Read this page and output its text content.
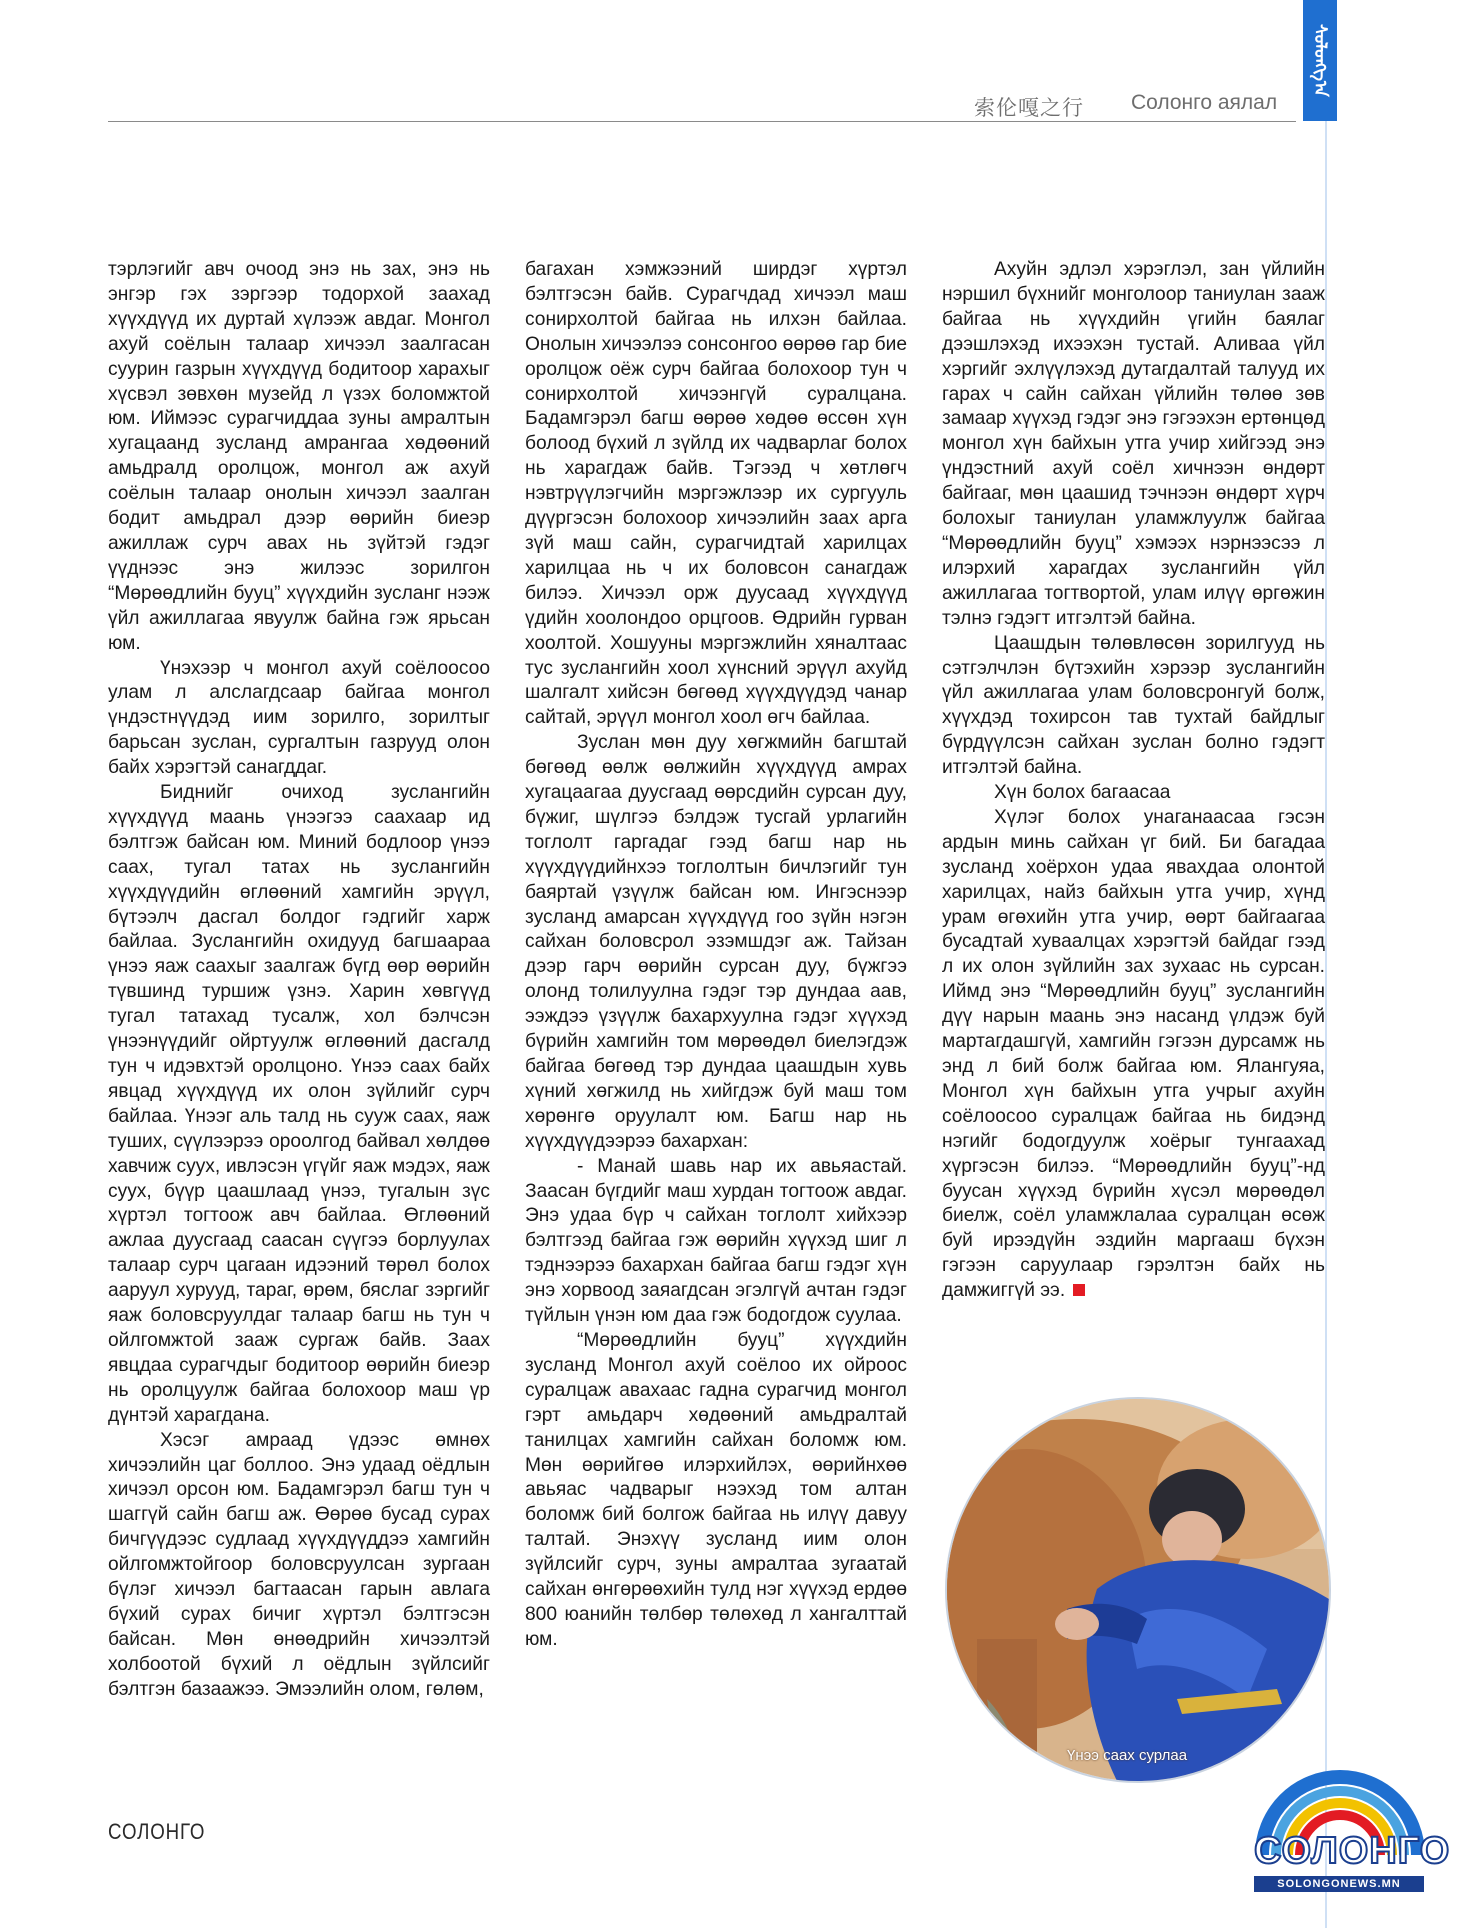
ᠰᠣᠯᠣᠩᠭ᠎ᠠ
索伦嘎之行 Солонго аялал

тэрлэгийг авч очоод энэ нь зах, энэ нь энгэр гэх зэргээр тодорхой заахад хүүхдүүд их дуртай хүлээж авдаг. Монгол ахуй соёлын талаар хичээл заалгасан суурин газрын хүүхдүүд бодитоор харахыг хүсвэл зөвхөн музейд л үзэх боломжтой юм. Иймээс сурагчиддаа зуны амралтын хугацаанд зусланд амрангаа хөдөөний амьдралд оролцож, монгол аж ахуй соёлын талаар онолын хичээл заалган бодит амьдрал дээр өөрийн биеэр ажиллаж сурч авах нь зүйтэй гэдэг үүднээс энэ жилээс зорилгон “Мөрөөдлийн бууц” хүүхдийн зусланг нээж үйл ажиллагаа явуулж байна гэж ярьсан юм.

Үнэхээр ч монгол ахуй соёлоосоо улам л алслагдсаар байгаа монгол үндэстнүүдэд иим зорилго, зорилтыг барьсан зуслан, сургалтын газрууд олон байх хэрэгтэй санагддаг.

Биднийг очиход зуслангийн хүүхдүүд маань үнээгээ саахаар ид бэлтгэж байсан юм. Миний бодлоор үнээ саах, тугал татах нь зуслангийн хүүхдүүдийн өглөөний хамгийн эрүүл, бүтээлч дасгал болдог гэдгийг харж байлаа. Зуслангийн охидууд багшаараа үнээ яаж саахыг заалгаж бүгд өөр өөрийн түвшинд туршиж үзнэ. Харин хөвгүүд тугал татахад тусалж, хол бэлчсэн үнээнүүдийг ойртуулж өглөөний дасгалд тун ч идэвхтэй оролцоно. Үнээ саах байх явцад хүүхдүүд их олон зүйлийг сурч байлаа. Үнээг аль талд нь сууж саах, яаж туших, сүүлээрээ ороолгод байвал хөлдөө хавчиж суух, ивлэсэн үгүйг яаж мэдэх, яаж суух, бүүр цаашлаад үнээ, тугалын зүс хүртэл тогтоож авч байлаа. Өглөөний ажлаа дуусгаад саасан сүүгээ борлуулах талаар сурч цагаан идээний төрөл болох ааруул хурууд, тараг, өрөм, бяслаг зэргийг яаж боловсруулдаг талаар багш нь тун ч ойлгомжтой зааж сургаж байв. Заах явцдаа сурагчдыг бодитоор өөрийн биеэр нь оролцуулж байгаа болохоор маш үр дүнтэй харагдана.

Хэсэг амраад үдээс өмнөх хичээлийн цаг боллоо. Энэ удаад оёдлын хичээл орсон юм. Бадамгэрэл багш тун ч шаггүй сайн багш аж. Өөрөө бусад сурах бичгүүдээс судлаад хүүхдүүддээ хамгийн ойлгомжтойгоор боловсруулсан зургаан бүлэг хичээл багтаасан гарын авлага бүхий сурах бичиг хүртэл бэлтгэсэн байсан. Мөн өнөөдрийн хичээлтэй холбоотой бүхий л оёдлын зүйлсийг бэлтгэн базаажээ. Эмээлийн олом, гөлөм,

багахан хэмжээний ширдэг хүртэл бэлтгэсэн байв. Сурагчдад хичээл маш сонирхолтой байгаа нь илхэн байлаа. Онолын хичээлээ сонсонгоо өөрөө гар бие оролцож оёж сурч байгаа болохоор тун ч сонирхолтой хичээнгүй суралцана. Бадамгэрэл багш өөрөө хөдөө өссөн хүн болоод бүхий л зүйлд их чадварлаг болох нь харагдаж байв. Тэгээд ч хөтлөгч нэвтрүүлэгчийн мэргэжлээр их сургууль дүүргэсэн болохоор хичээлийн заах арга зүй маш сайн, сурагчидтай харилцах харилцаа нь ч их боловсон санагдаж билээ. Хичээл орж дуусаад хүүхдүүд үдийн хоолондоо орцгоов. Өдрийн гурван хоолтой. Хошууны мэргэжлийн хяналтаас тус зуслангийн хоол хүнсний эрүүл ахуйд шалгалт хийсэн бөгөөд хүүхдүүдэд чанар сайтай, эрүүл монгол хоол өгч байлаа.

Зуслан мөн дуу хөгжмийн багштай бөгөөд өөлж өөлжийн хүүхдүүд амрах хугацаагаа дуусгаад өөрсдийн сурсан дуу, бүжиг, шүлгээ бэлдэж тусгай урлагийн тоглолт гаргадаг гээд багш нар нь хүүхдүүдийнхээ тоглолтын бичлэгийг тун баяртай үзүүлж байсан юм. Ингэснээр зусланд амарсан хүүхдүүд гоо зүйн нэгэн сайхан боловсрол эзэмшдэг аж. Тайзан дээр гарч өөрийн сурсан дуу, бүжгээ олонд толилуулна гэдэг тэр дундаа аав, ээждээ үзүүлж бахархуулна гэдэг хүүхэд бүрийн хамгийн том мөрөөдөл биелэгдэж байгаа бөгөөд тэр дундаа цаашдын хувь хүний хөгжилд нь хийгдэж буй маш том хөрөнгө оруулалт юм. Багш нар нь хүүхдүүдээрээ бахархан:

- Манай шавь нар их авьяастай. Заасан бүгдийг маш хурдан тогтоож авдаг. Энэ удаа бүр ч сайхан тоглолт хийхээр бэлтгээд байгаа гэж өөрийн хүүхэд шиг л тэднээрээ бахархан байгаа багш гэдэг хүн энэ хорвоод заяагдсан эгэлгүй ачтан гэдэг түйлын үнэн юм даа гэж бодогдож суулаа.

“Мөрөөдлийн бууц” хүүхдийн зусланд Монгол ахуй соёлоо их ойроос суралцаж авахаас гадна сурагчид монгол гэрт амьдарч хөдөөний амьдралтай танилцах хамгийн сайхан боломж юм. Мөн өөрийгөө илэрхийлэх, өөрийнхөө авьяас чадварыг нээхэд том алтан боломж бий болгож байгаа нь илүү давуу талтай. Энэхүү зусланд иим олон зүйлсийг сурч, зуны амралтаа зугаатай сайхан өнгөрөөхийн тулд нэг хүүхэд ердөө 800 юанийн төлбөр төлөхөд л хангалттай юм.

Ахуйн эдлэл хэрэглэл, зан үйлийн нэршил бүхнийг монголоор таниулан зааж байгаа нь хүүхдийн үгийн баялаг дээшлэхэд ихээхэн тустай. Аливаа үйл хэргийг эхлүүлэхэд дутагдалтай талууд их гарах ч сайн сайхан үйлийн төлөө зөв замаар хүүхэд гэдэг энэ гэгээхэн ертөнцөд монгол хүн байхын утга учир хийгээд энэ үндэстний ахуй соёл хичнээн өндөрт байгааг, мөн цаашид тэчнээн өндөрт хүрч болохыг таниулан уламжлуулж байгаа “Мөрөөдлийн бууц” хэмээх нэрнээсээ л илэрхий харагдах зуслангийн үйл ажиллагаа тогтвортой, улам илүү өргөжин тэлнэ гэдэгт итгэлтэй байна.

Цаашдын төлөвлөсөн зорилгууд нь сэтгэлчлэн бүтэхийн хэрээр зуслангийн үйл ажиллагаа улам боловсронгуй болж, хүүхдэд тохирсон тав тухтай байдлыг бүрдүүлсэн сайхан зуслан болно гэдэгт итгэлтэй байна.

Хүн болох багаасаа

Хүлэг болох унаганаасаа гэсэн ардын минь сайхан үг бий. Би багадаа зусланд хоёрхон удаа явахдаа олонтой харилцах, найз байхын утга учир, хүнд урам өгөхийн утга учир, өөрт байгаагаа бусадтай хуваалцах хэрэгтэй байдаг гээд л их олон зүйлийн зах зухаас нь сурсан. Иймд энэ “Мөрөөдлийн бууц” зуслангийн дүү нарын маань энэ насанд үлдэж буй мартагдашгүй, хамгийн гэгээн дурсамж нь энд л бий болж байгаа юм. Ялангуяа, Монгол хүн байхын утга учрыг ахуйн соёлоосоо суралцаж байгаа нь бидэнд нэгийг бодогдуулж хоёрыг тунгаахад хүргэсэн билээ. “Мөрөөдлийн бууц”-нд буусан хүүхэд бүрийн хүсэл мөрөөдөл биелж, соёл уламжлалаа суралцан өсөж буй ирээдүйн эздийн маргааш бүхэн гэгээн саруулаар гэрэлтэн байх нь дамжиггүй ээ.

Үнээ саах сурлаа
СОЛОНГО	СОЛОНГО
SOLONGONEWS.MN
